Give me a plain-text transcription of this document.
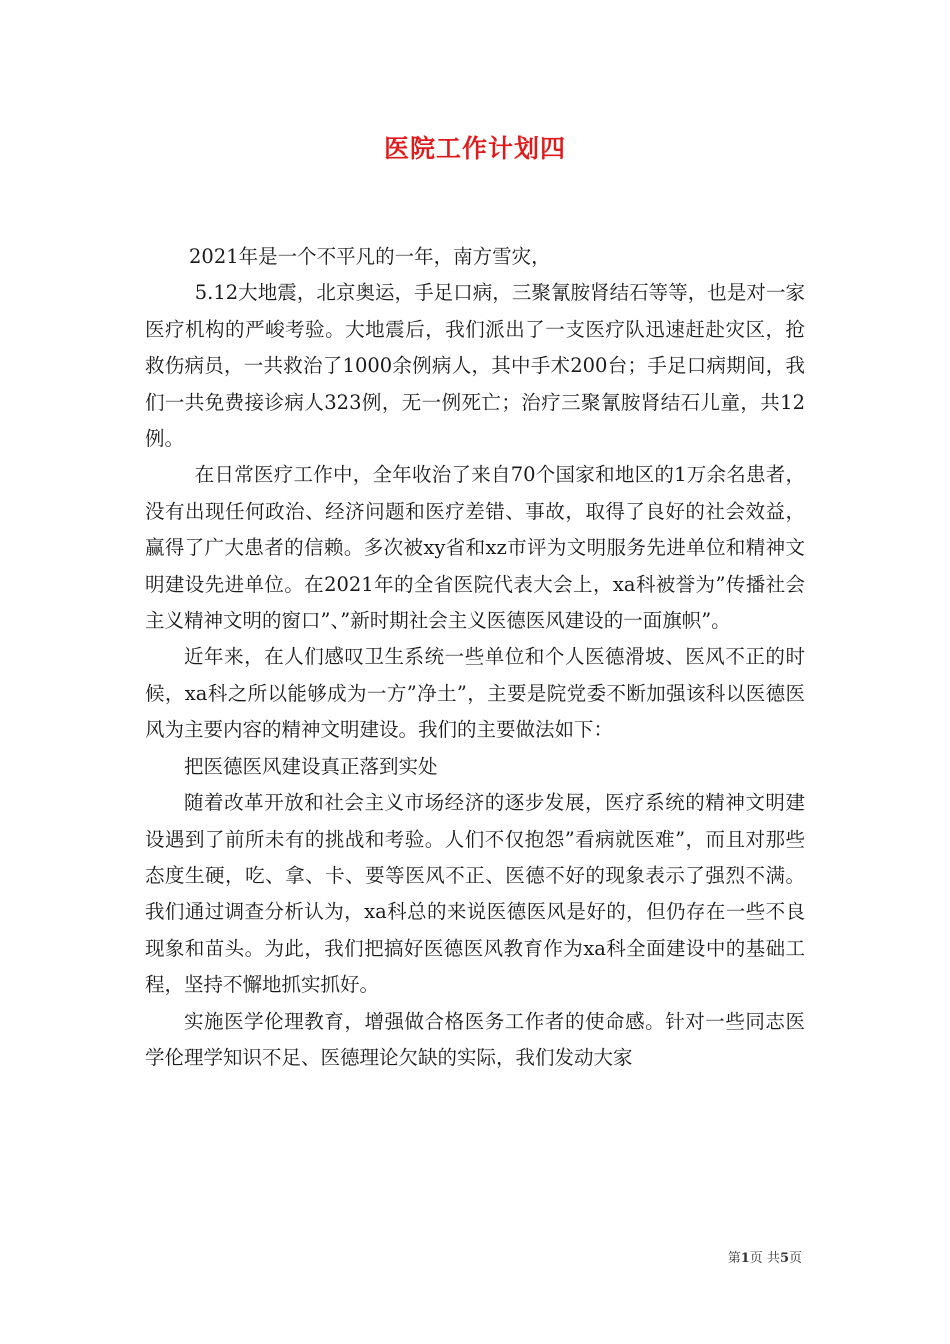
医院工作计划四

2021年是一个不平凡的一年，南方雪灾，

5.12大地震，北京奥运，手足口病，三聚氰胺肾结石等等，也是对一家医疗机构的严峻考验。大地震后，我们派出了一支医疗队迅速赶赴灾区，抢救伤病员，一共救治了1000余例病人，其中手术200台；手足口病期间，我们一共免费接诊病人323例，无一例死亡；治疗三聚氰胺肾结石儿童，共12例。

在日常医疗工作中，全年收治了来自70个国家和地区的1万余名患者，没有出现任何政治、经济问题和医疗差错、事故，取得了良好的社会效益，赢得了广大患者的信赖。多次被xy省和xz市评为文明服务先进单位和精神文明建设先进单位。在2021年的全省医院代表大会上，xa科被誉为”传播社会主义精神文明的窗口”、”新时期社会主义医德医风建设的一面旗帜”。

近年来，在人们感叹卫生系统一些单位和个人医德滑坡、医风不正的时候，xa科之所以能够成为一方”净土”，主要是院党委不断加强该科以医德医风为主要内容的精神文明建设。我们的主要做法如下：

把医德医风建设真正落到实处

随着改革开放和社会主义市场经济的逐步发展，医疗系统的精神文明建设遇到了前所未有的挑战和考验。人们不仅抱怨”看病就医难”，而且对那些态度生硬，吃、拿、卡、要等医风不正、医德不好的现象表示了强烈不满。我们通过调查分析认为，xa科总的来说医德医风是好的，但仍存在一些不良现象和苗头。为此，我们把搞好医德医风教育作为xa科全面建设中的基础工程，坚持不懈地抓实抓好。

实施医学伦理教育，增强做合格医务工作者的使命感。针对一些同志医学伦理学知识不足、医德理论欠缺的实际，我们发动大家

第1页 共5页
